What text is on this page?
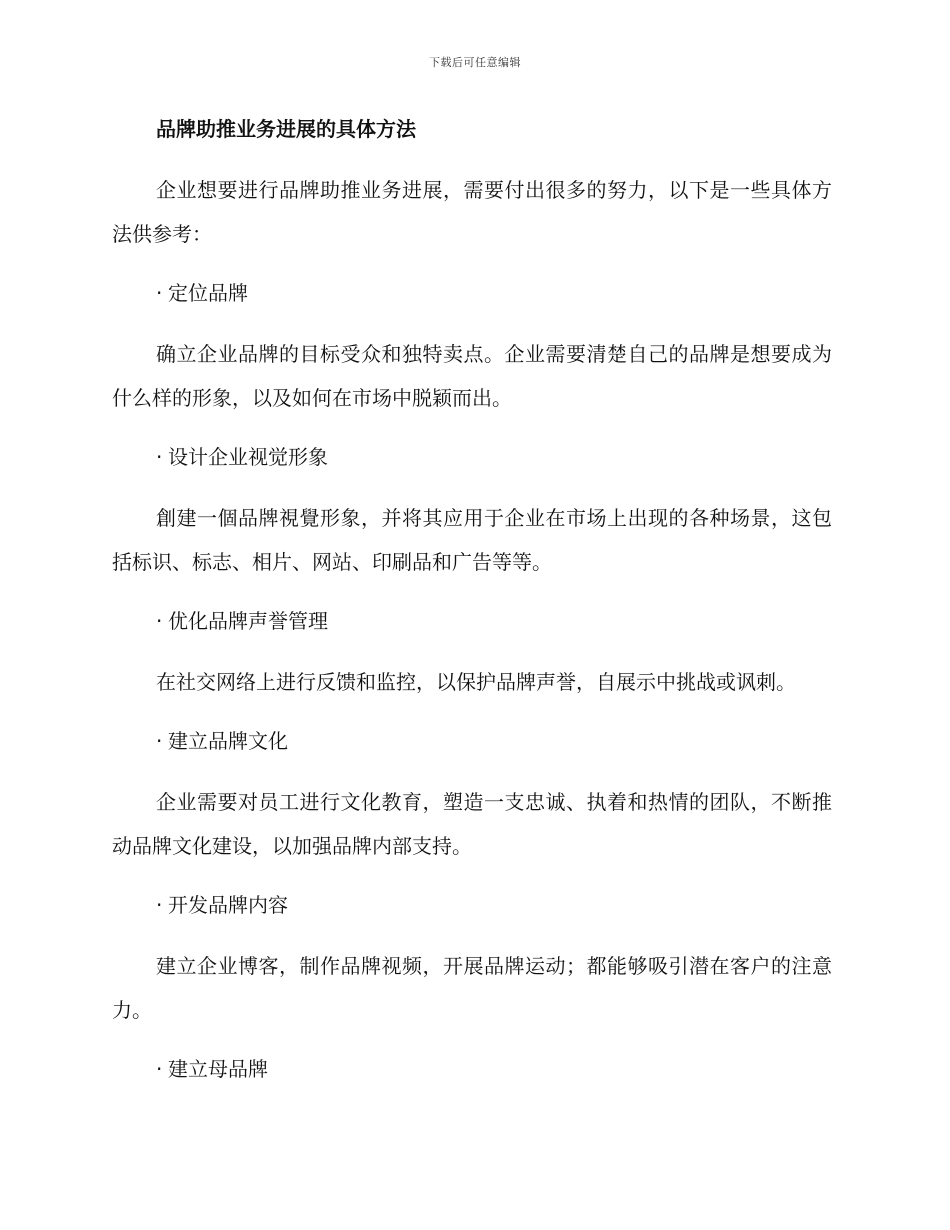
下载后可任意编辑
品牌助推业务进展的具体方法

企业想要进行品牌助推业务进展，需要付出很多的努力，以下是一些具体方法供参考：

· 定位品牌

确立企业品牌的目标受众和独特卖点。企业需要清楚自己的品牌是想要成为什么样的形象，以及如何在市场中脱颖而出。

· 设计企业视觉形象

創建一個品牌視覺形象，并将其应用于企业在市场上出现的各种场景，这包括标识、标志、相片、网站、印刷品和广告等等。

· 优化品牌声誉管理

在社交网络上进行反馈和监控，以保护品牌声誉，自展示中挑战或讽刺。

· 建立品牌文化

企业需要对员工进行文化教育，塑造一支忠诚、执着和热情的团队，不断推动品牌文化建设，以加强品牌内部支持。

· 开发品牌内容

建立企业博客，制作品牌视频，开展品牌运动；都能够吸引潜在客户的注意力。

· 建立母品牌
